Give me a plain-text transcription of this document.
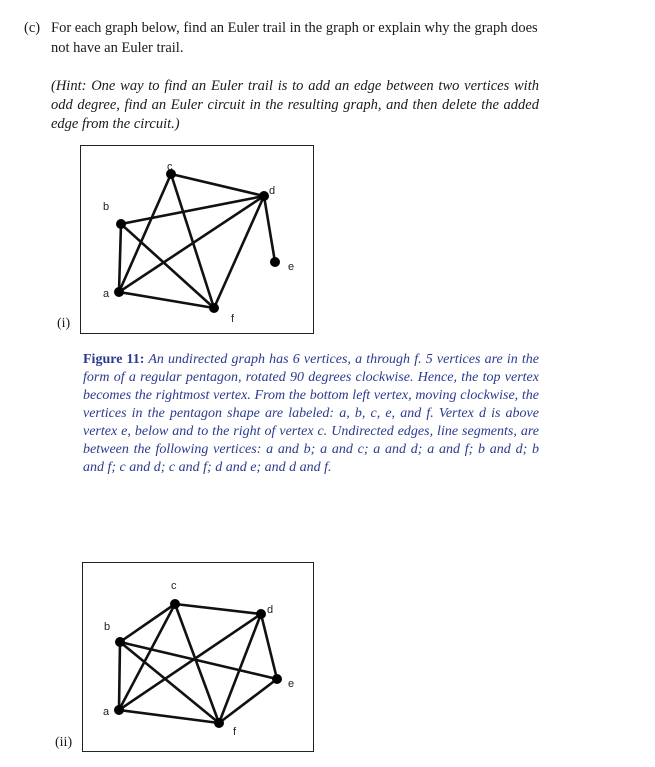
(c) For each graph below, find an Euler trail in the graph or explain why the graph does not have an Euler trail.
(Hint: One way to find an Euler trail is to add an edge between two vertices with odd degree, find an Euler circuit in the resulting graph, and then delete the added edge from the circuit.)
a
b
c
d
e
f
(i)
Figure 11: An undirected graph has 6 vertices, a through f. 5 vertices are in the form of a regular pentagon, rotated 90 degrees clockwise. Hence, the top vertex becomes the rightmost vertex. From the bottom left vertex, moving clockwise, the vertices in the pentagon shape are labeled: a, b, c, e, and f. Vertex d is above vertex e, below and to the right of vertex c. Undirected edges, line segments, are between the following vertices: a and b; a and c; a and d; a and f; b and d; b and f; c and d; c and f; d and e; and d and f.
a
b
c
d
e
f
(ii)
